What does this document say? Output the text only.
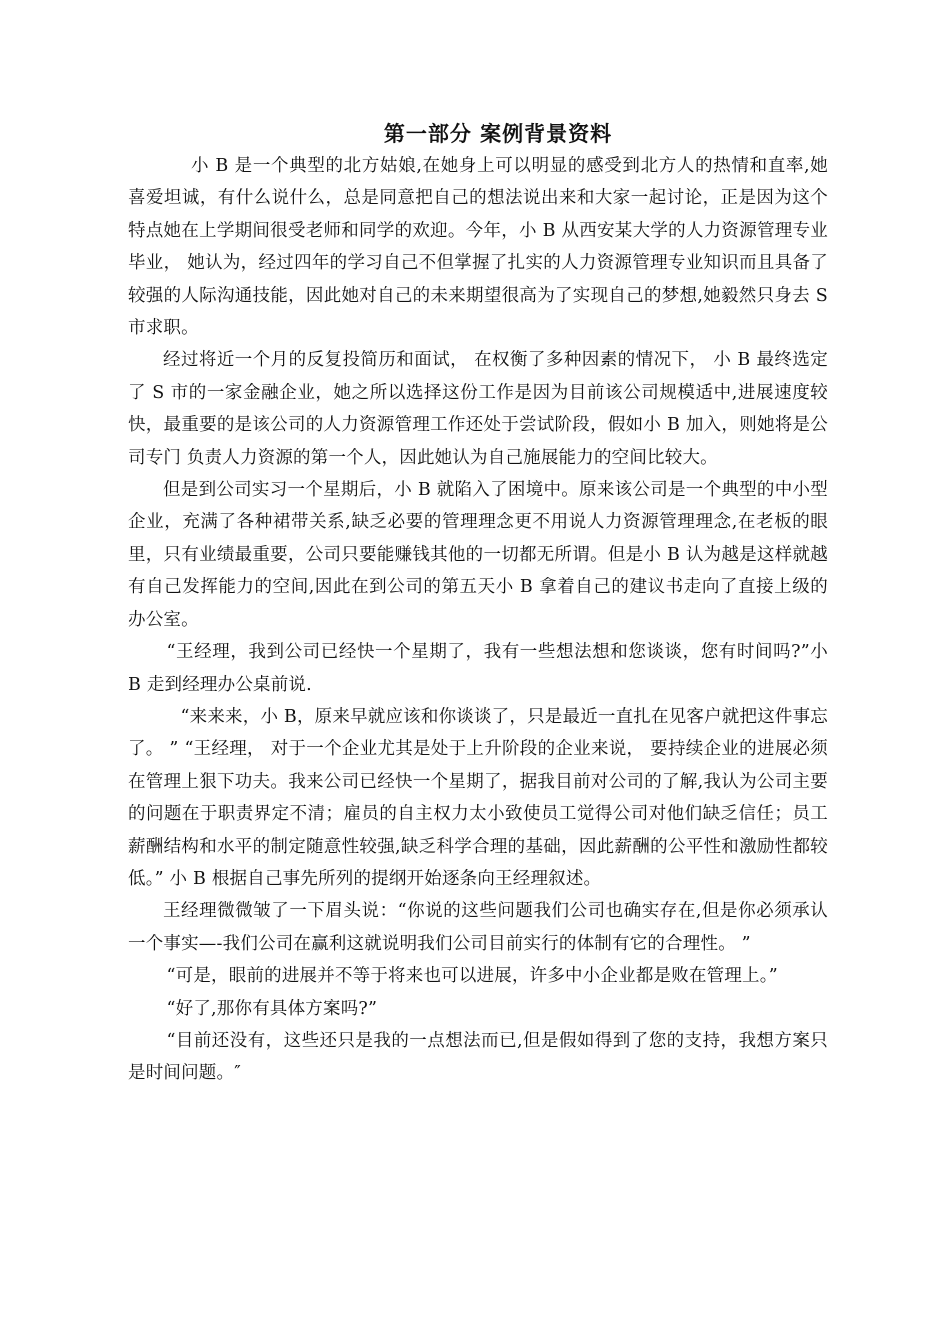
第一部分 案例背景资料

小 B 是一个典型的北方姑娘,在她身上可以明显的感受到北方人的热情和直率,她喜爱坦诚，有什么说什么，总是同意把自己的想法说出来和大家一起讨论，正是因为这个特点她在上学期间很受老师和同学的欢迎。今年，小 B 从西安某大学的人力资源管理专业毕业， 她认为，经过四年的学习自己不但掌握了扎实的人力资源管理专业知识而且具备了较强的人际沟通技能，因此她对自己的未来期望很高为了实现自己的梦想,她毅然只身去 S 市求职。

经过将近一个月的反复投简历和面试， 在权衡了多种因素的情况下， 小 B 最终选定了 S 市的一家金融企业，她之所以选择这份工作是因为目前该公司规模适中,进展速度较快，最重要的是该公司的人力资源管理工作还处于尝试阶段，假如小 B 加入，则她将是公司专门 负责人力资源的第一个人，因此她认为自己施展能力的空间比较大。

但是到公司实习一个星期后，小 B 就陷入了困境中。原来该公司是一个典型的中小型企业，充满了各种裙带关系,缺乏必要的管理理念更不用说人力资源管理理念,在老板的眼里，只有业绩最重要，公司只要能赚钱其他的一切都无所谓。但是小 B 认为越是这样就越 有自己发挥能力的空间,因此在到公司的第五天小 B 拿着自己的建议书走向了直接上级的办公室。

“王经理，我到公司已经快一个星期了，我有一些想法想和您谈谈，您有时间吗?”小 B 走到经理办公桌前说.

“来来来，小 B，原来早就应该和你谈谈了，只是最近一直扎在见客户就把这件事忘了。 ” “王经理， 对于一个企业尤其是处于上升阶段的企业来说， 要持续企业的进展必须在管理上狠下功夫。我来公司已经快一个星期了，据我目前对公司的了解,我认为公司主要的问题在于职责界定不清；雇员的自主权力太小致使员工觉得公司对他们缺乏信任；员工薪酬结构和水平的制定随意性较强,缺乏科学合理的基础，因此薪酬的公平性和激励性都较低。” 小 B 根据自己事先所列的提纲开始逐条向王经理叙述。

王经理微微皱了一下眉头说：“你说的这些问题我们公司也确实存在,但是你必须承认一个事实—-我们公司在赢利这就说明我们公司目前实行的体制有它的合理性。 ”

“可是，眼前的进展并不等于将来也可以进展，许多中小企业都是败在管理上。”

“好了,那你有具体方案吗?”

“目前还没有，这些还只是我的一点想法而已,但是假如得到了您的支持，我想方案只是时间问题。″
